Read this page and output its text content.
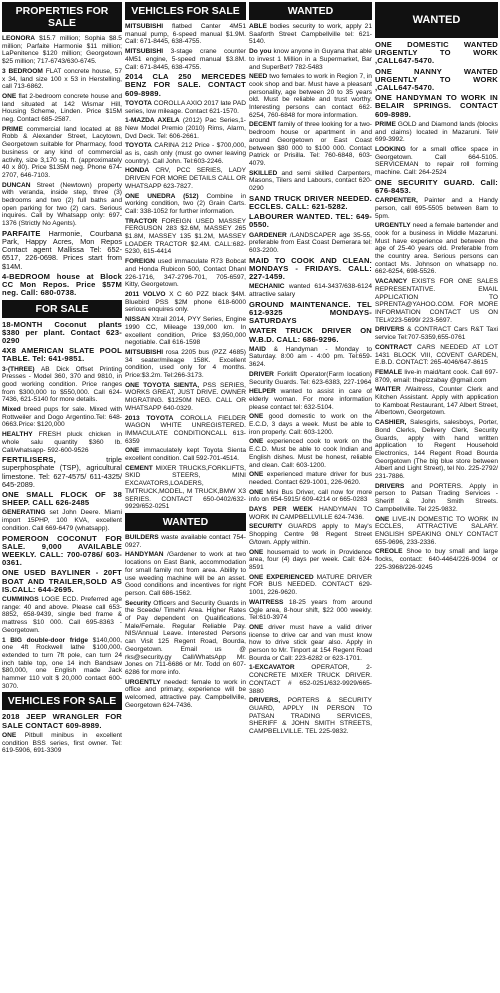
PROPERTIES FOR SALE
LEONORA $15.7 million; Sophia $8.5 million; Parfaite Harmonie $11 million; LaPenitence $120 million; Georgetown $25 million; 717-6743/630-6745.
3 BEDROOM FLAT concrete house, 57 x 34, land size 100 x 53 in Herstelling, call 713-6862.
ONE flat 2-bedroom concrete house and land situated at 142 Wismar Hill, Housing Scheme, Linden. Price $15M neg. Contact 685-2587.
PRIME commercial land located at 88 Robb & Alexander Street, Lacytown, Georgetown suitable for Pharmacy, food business or any kind of commercial activity, size 3,170 sq. ft. (approximately 40 x 80). Price $135M neg. Phone 674-2707, 646-7103.
DUNCAN Street (Newtown) property with veranda, inside step, three (3) bedrooms and two (2) full baths and open parking for two (2) cars. Serious inquires. Call by Whatsapp only: 697-1376 (Strictly No Agents).
PARFAITE Harmonie, Courbana Park, Happy Acres, Mon Repos Contact agent Mallissa Tel: 652-6517, 226-0698. Prices start from $14M.
4-BEDROOM house at Block CC Mon Repos. Price $57M neg. Call: 680-0738.
FOR SALE
18-MONTH Coconut plants $380 per plant. Contact 623-0290
4X8 AMERICAN SLATE POOL TABLE. Tel: 641-9851.
3-(THREE) AB Dick Offset Printing Presses - Model 360, 370 and 9810, in good working condition. Price ranges from $300,000 to $550,000. Call 624-7436, 621-5140 for more details.
Mixed breed pups for sale. Mixed with Rottweiler and Dogo Argentino.Tel: 648-0663.Price: $120,000
HEALTHY FRESH pluck chicken in whole salu quantity $360 lb. Call/whatsapp- 592-600-9526
FERTILISERS,	triple superphosphate (TSP), agricultural limestone. Tel: 627-4575/ 611-4325/ 645-2089.
ONE SMALL FLOCK OF 38 SHEEP. CALL 626-2485
GENERATING set John Deere. Miami import 15PHP, 100 KVA, excellent condition. Call 669-6479 (whatsapp).
POMEROON COCONUT FOR SALE. 9,000 AVAILABLE WEEKLY. CALL: 700-0786/ 603-0361.
ONE USED BAYLINER - 20FT BOAT AND TRAILER,SOLD AS IS.CALL: 644-2695.
CUMMINGS LOGE ECD. Preferred age range: 40 and above. Please call 653-8852, 658-9439, single bed frame & mattress $10 000. Call 695-8363 - Georgetown.
1 BIG double-door fridge $140,000, one 4ft Rockwell lathe $100,000, extended to turn 7ft pole, can turn 24 inch table top, one 14 inch Bandsaw $80,000, one English made Jack hammer 110 volt $ 20,000 contact 600-3070.
VEHICLES FOR SALE
2018 JEEP WRANGLER FOR SALE CONTACT 609-8989.
ONE Pitbull minibus in excellent condition BSS series, first owner. Tel: 619-5906, 691-3309
VEHICLES FOR SALE
MITSUBISHI flatbed Canter 4M51 manual pump, 6-speed manual $1.9M. Call: 671-8445, 638-4755.
MITSUBISHI 3-stage crane counter 4M51 engine, 5-speed manual $3.8M. Call: 671-8445, 638-4755.
2014 CLA 250 MERCEDES BENZ FOR SALE. CONTACT 609-8989.
TOYOTA COROLLA AXIO 2017 late PAD series, low mileage. Contact 621-1570.
1-MAZDA AXELA (2012) Pac Series,1- New Model Premio (2010) Rims, Alarm, Dvd Deck. Tel: 606-2661.
TOYOTA CARINA 212 Price - $700,000, as is, cash only (must go owner leaving country). Call John. Tel:603-2246.
HONDA CRV, PCC SERIES, LADY DRIVEN FOR MORE DETAILS CALL OR WHATSAPP 623-7827.
ONE UNEDRA (512) Combine in working condition, two (2) Grain Carts. Call: 338-1052 for further information.
TRACTOR FOREIGN USED MASSEY FERGUSON 283 $2.6M, MASSEY 265 $1.8M, MASSEY 135 $1.2M, MASSEY LOADER TRACTOR $2.4M. CALL:682-5230, 615-4414
FOREIGN used immaculate R73 Bobcat and Honda Rubicon 500, Contact Dhanl 226-1716, 347-2796-701, 705-6597, Kitty, Georgetown.
2011 VOLVO X C 60 PZZ black $4M. Bluebird PSS $2M phone 618-6000 serious enquires only.
NISSAN Xtrail 2014, PYY Series, Engine 1990 CC, Mileage 139,000 km. In excellent condition, Price $3,950,000 negotiable. Call 616-1598
MITSUBISHI rosa 2205 bus (PZZ 4685) 34 seater/mileage 158K. Excellent condition, used only for 4 months. Price:$3.2m. Tel:266-3173.
ONE TOYOTA SIENTA, PSS SERIES, WORKS GREAT, JUST DRIVE. OWNER MIGRATING. $1250M NEG. CALL OR WHATSAPP 640-0329.
2013 TOYOTA COROLLA FIELDER WAGON WHITE UNREGISTERED. IMMACULATE CONDITIONCALL 613-6359
ONE immaculately kept Toyota Sienta excellent condition. Call 592-701-4514.
CEMENT MIXER TRUCKS,FORKLIFTS, SKID STEERS, MINI EXCAVATORS,LOADERS, TMTRUCK,MODEL, M TRUCK,BMW X3 SERIES. CONTACT 650-0402/632-9929/652-0251
WANTED
BUILDERS waste available contact 754-0927.
HANDYMAN /Gardener to work at two locations on East Bank, accommodation for small family not from area. Ability to use weeding machine will be an asset. Good conditions and incentives for right person. Call 686-1562.
Security Officers and Security Guards in the Sceede/ Timehri Area. Higher Rates of Pay dependent on Qualifications. Male/Female. Regular Reliable Pay. NIS/Annual Leave. Interested Persons can Visit 125 Regent Road, Bourda, Georgetown. Email us @ rks@security.gy Call/WhatsApp Mr. Jones on 711-6686 or Mr. Todd on 607-6286 for more info.
URGENTLY needed: female to work in office and primary, experience will be welcomed, attractive pay. Campbellville, Georgetown 624-7436.
WANTED
ABLE bodies security to work, apply 21 Saaforth Street Campbellville tel: 621-5140.
Do you know anyone in Guyana that able to invest 1 Million in a Supermarket, Bar and SuperBet? 782-5483
NEED two females to work in Region 7, in cook shop and bar. Must have a pleasant personality, age between 20 to 35 years old. Must be reliable and trust worthy. Interesting persons can contact 662-6254, 760-6848 for more information.
DECENT family of three looking for a two-bedroom house or apartment in and around Georgetown or East Coast between $80 000 to $100 000. Contact Patrick or Prisilla. Tel: 760-6848, 603-4079.
SKILLED and semi skilled Carpenters, Masons, Tilers and Labours, contact 620-0290
SAND TRUCK DRIVER NEEDED. ECCLES. CALL: 621-5282.
LABOURER WANTED. TEL: 649-0550.
GARDENER /LANDSCAPER age 35-55, preferable from East Coast Demerara tel: 603-2200.
MAID TO COOK AND CLEAN. MONDAYS - FRIDAYS. CALL: 227-1459.
MECHANIC wanted 614-3437/638-6124 attractive salary
GROUND MAINTENANCE. TEL 612-9325 MONDAYS-SATURDAYS
WATER TRUCK DRIVER ON W.B.D. CALL: 686-9296.
MAID & Handyman - Monday to Saturday. 8:00 am - 4:00 pm. Tel:659-3624.
DRIVER Forklift Operator(Farm location) Security Guards. Tel: 623-6383, 227-1964
HELPER wanted to assist in care of elderly woman. For more information please contact tel: 632-5104.
ONE good domestic to work on the E.C.D, 3 days a week. Must be able to iron properly. Call: 603-1200.
ONE experienced cook to work on the E.C.D. Must be able to cook Indian and English dishes. Must be honest, reliable and clean. Call: 603-1200.
ONE experienced mature driver for bus needed. Contact 629-1001, 226-9620.
ONE Mini Bus Driver, call now for more info on 654-5915/ 609-4214 or 665-0283
DAYS PER WEEK HANDYMAN TO WORK IN CAMPBELLVILLE 624-7436.
SECURITY GUARDS apply to May's Shopping Centre 98 Regent Street G/town. Apply within.
ONE housemaid to work in Providence area, four (4) days per week. Call: 624-8591
ONE EXPERIENCED MATURE DRIVER FOR BUS NEEDED. CONTACT 629-1001, 226-9620.
WAITRESS 18-25 years from around Ogle area, 8-hour shift, $22 000 weekly. Tel:610-3974
ONE driver must have a valid driver license to drive car and van must know how to drive stick gear also. Apply in person to Mr. Tinport at 154 Regent Road Bourda or Call: 223-6282 or 623-1701.
1-EXCAVATOR	OPERATOR, 2- CONCRETE MIXER TRUCK DRIVER. CONTACT # 652-0251/632-9929/665-3880
DRIVERS, PORTERS & SECURITY GUARD, APPLY IN PERSON TO PATSAN TRADING SERVICES, SHERIFF & JOHN SMITH STREETS, CAMPBELLVILLE. TEL 225-9832.
WANTED
ONE DOMESTIC WANTED URGENTLY TO WORK ,CALL647-5470.
ONE NANNY WANTED URGENTLY TO WORK ,CALL647-5470.
ONE HANDYMAN TO WORK IN BELAIR SPRINGS. CONTACT 609-8989.
PRIME GOLD and Diamond lands (blocks and claims) located in Mazaruni. Tel# 699-3992.
LOOKING for a small office space in Georgetown. Call 664-5105. SERVICEMAN to repair roll forming machine. Call: 264-2524
ONE SECURITY GUARD. Call: 676-8453.
CARPENTER, Painter and a Handy person, call 695-5505 between 8am to 5pm.
URGENTLY need a female bartender and cook for a business in Middle Mazaruni. Must have experience and between the age of 25-40 years old. Preferable from the country area. Serious persons can contact Ms. Johnson on whatsapp no. 662-6254, 698-5526.
VACANCY EXISTS FOR ONE SALES REPRESENTATIVE. EMAIL APPLICATION TO SPRENTA@YAHOO.COM. FOR MORE INFORMATION CONTACT US ON TEL#223-5699/ 223-5697.
DRIVERS & CONTRACT Cars R&T Taxi service Tel:707-5359,655-0761
CONTRACT CARS NEEDED AT LOT 1431 BLOCK VIII, COVENT GARDEN, E.B.D. CONTACT: 265-4046/647-8615
FEMALE live-in maid/tant cook. Call 697-8709, email: thepizzabay @gmail.com
WAITER /Waitress, Counter Clerk and Kitchen Assistant. Apply with application to Kamboat Restaurant, 147 Albert Street, Albertown, Georgetown.
CASHIER, Salesgirls, salesboys, Porter, Bond Clerks, Delivery Clerk, Security Guards, apply with hand written application to Regent Household Electronics, 144 Regent Road Bourda Georgetown (The big blue store between Albert and Light Street), tel No. 225-2792/ 231-7886.
DRIVERS and PORTERS. Apply in person to Patsan Trading Services - Sheriff & John Smith Streets. Campbellville. Tel 225-9832.
ONE LIVE-IN DOMESTIC TO WORK IN ECCLES, ATTRACTIVE SALARY. ENGLISH SPEAKING ONLY CONTACT 655-9696, 233-2336.
CREOLE Shoe to buy small and large flocks, contact: 640-4464/226-9094 or 225-3968/226-9245
